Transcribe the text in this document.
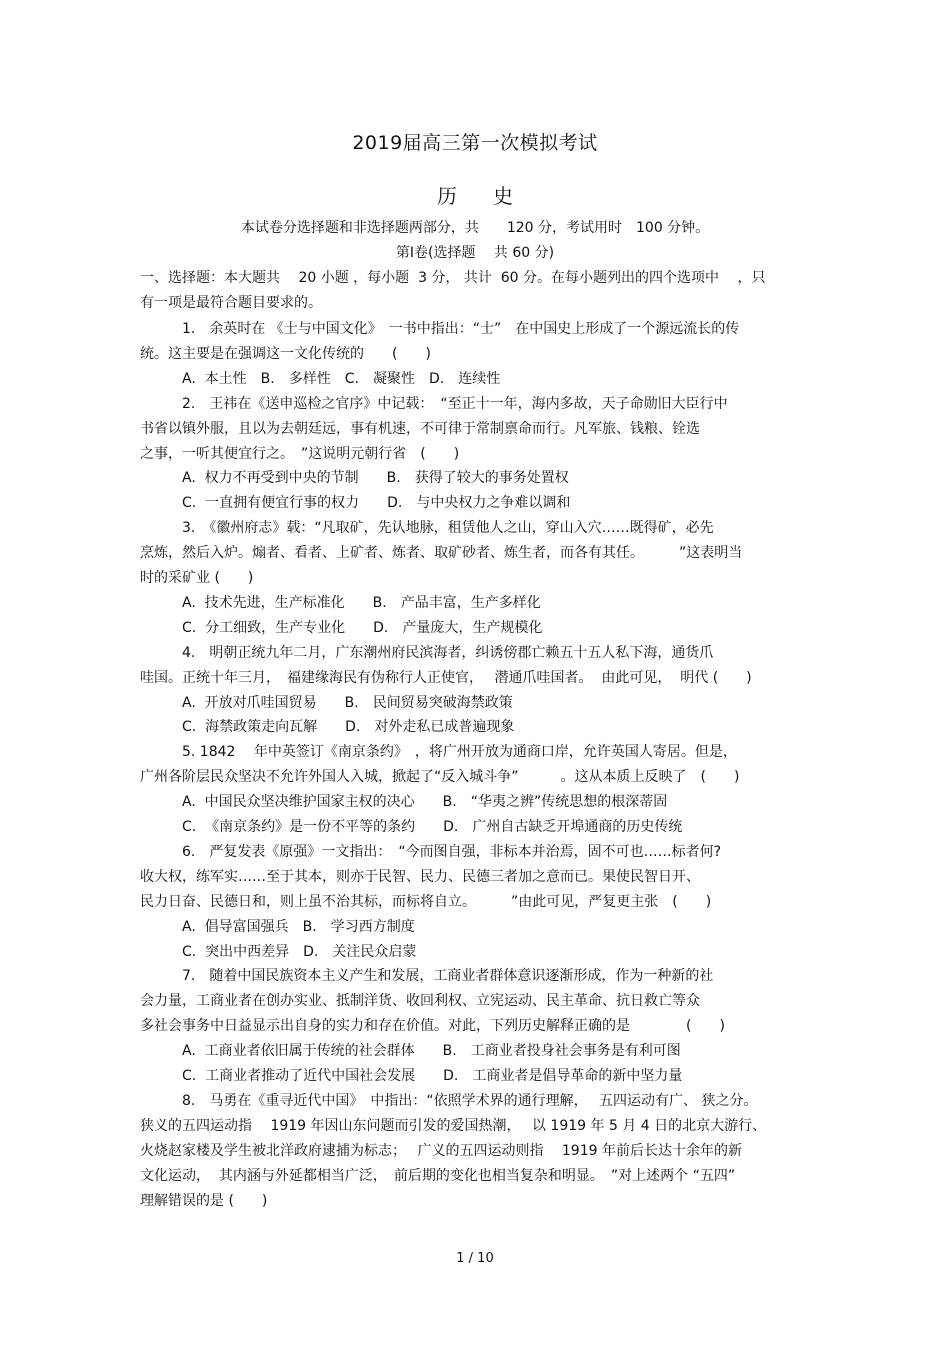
2019届高三第一次模拟考试
历史
本试卷分选择题和非选择题两部分，共　　120 分，考试用时　100 分钟。
第Ⅰ卷(选择题　 共 60 分)
一、选择题：本大题共　 20 小题 ，每小题  3 分， 共计  60 分。在每小题列出的四个选项中　 ，只
有一项是最符合题目要求的。
　　　1.　余英时在 《士与中国文化》　一书中指出：“士”　在中国史上形成了一个源远流长的传
统。这主要是在强调这一文化传统的　　(　　)
　　　A.  本土性　B.　多样性　C.　凝聚性　D.　连续性
　　　2.　王祎在《送申巡检之官序》中记载：　“至正十一年，海内多故，天子命勋旧大臣行中
书省以镇外服，且以为去朝廷远，事有机速，不可律于常制禀命而行。凡军旅、钱粮、铨选
之事，一听其便宜行之。　”这说明元朝行省　(　　)
　　　A.  权力不再受到中央的节制　　B.　获得了较大的事务处置权
　　　C.  一直拥有便宜行事的权力　　D.　与中央权力之争难以调和
　　　3.　《徽州府志》载：“凡取矿，先认地脉，租赁他人之山，穿山入穴……既得矿，必先
烹炼，然后入炉。煽者、看者、上矿者、炼者、取矿砂者、炼生者，而各有其任。　　　”这表明当
时的采矿业 (　　)
　　　A.  技术先进，生产标准化　　B.　产品丰富，生产多样化
　　　C.  分工细致，生产专业化　　D.　产量庞大，生产规模化
　　　4.　明朝正统九年二月，广东潮州府民滨海者，纠诱傍郡亡赖五十五人私下海，通货爪
哇国。正统十年三月，　福建缘海民有伪称行人正使官，　 潜通爪哇国者。  由此可见，  明代 (　　)
　　　A.  开放对爪哇国贸易　　B.　民间贸易突破海禁政策
　　　C.  海禁政策走向瓦解　　D.　对外走私已成普遍现象
　　　5. 1842　 年中英签订《南京条约》　，将广州开放为通商口岸，允许英国人寄居。但是，
广州各阶层民众坚决不允许外国人入城，掀起了“反入城斗争”　　　。这从本质上反映了　(　　)
　　　A.  中国民众坚决维护国家主权的决心　　B.　“华夷之辨”传统思想的根深蒂固
　　　C.  《南京条约》是一份不平等的条约　　D.　广州自古缺乏开埠通商的历史传统
　　　6.　严复发表《原强》一文指出：　“今而图自强，非标本并治焉，固不可也……标者何?
收大权，练军实……至于其本，则亦于民智、民力、民德三者加之意而已。果使民智日开、
民力日奋、民德日和，则上虽不治其标，而标将自立。　　　”由此可见，严复更主张　(　　)
　　　A.  倡导富国强兵　B.　学习西方制度
　　　C.  突出中西差异　D.　关注民众启蒙
　　　7.　随着中国民族资本主义产生和发展，工商业者群体意识逐渐形成，作为一种新的社
会力量，工商业者在创办实业、抵制洋货、收回利权、立宪运动、民主革命、抗日救亡等众
多社会事务中日益显示出自身的实力和存在价值。对此，下列历史解释正确的是　　　　(　　)
　　　A.  工商业者依旧属于传统的社会群体　　B.　工商业者投身社会事务是有利可图
　　　C.  工商业者推动了近代中国社会发展　　D.　工商业者是倡导革命的新中坚力量
　　　8.　马勇在《重寻近代中国》　中指出：“依照学术界的通行理解，　 五四运动有广、 狭之分。
狭义的五四运动指　 1919 年因山东问题而引发的爱国热潮，　 以 1919 年 5 月 4 日的北京大游行、
火烧赵家楼及学生被北洋政府逮捕为标志；　 广义的五四运动则指　 1919 年前后长达十余年的新
文化运动，  其内涵与外延都相当广泛，　前后期的变化也相当复杂和明显。　”对上述两个 “五四”
理解错误的是 (　　)
1 / 10
